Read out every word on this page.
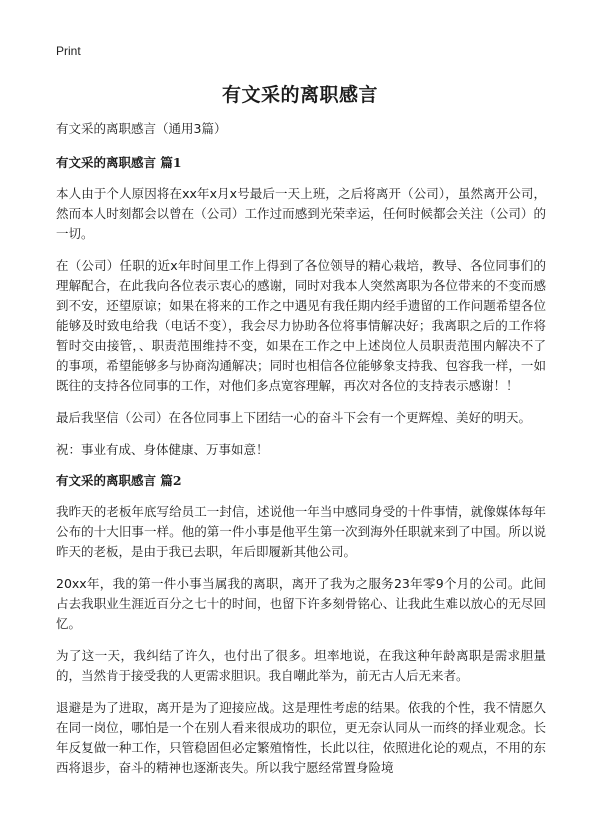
Print
有文采的离职感言

有文采的离职感言（通用3篇）

有文采的离职感言 篇1

本人由于个人原因将在xx年x月x号最后一天上班，之后将离开（公司），虽然离开公司，然而本人时刻都会以曾在（公司）工作过而感到光荣幸运，任何时候都会关注（公司）的一切。

在（公司）任职的近x年时间里工作上得到了各位领导的精心栽培，教导、各位同事们的理解配合，在此我向各位表示衷心的感谢，同时对我本人突然离职为各位带来的不变而感到不安，还望原谅；如果在将来的工作之中遇见有我任期内经手遗留的工作问题希望各位能够及时致电给我（电话不变），我会尽力协助各位将事情解决好；我离职之后的工作将暂时交由接管，、职责范围维持不变，如果在工作之中上述岗位人员职责范围内解决不了的事项，希望能够多与协商沟通解决；同时也相信各位能够象支持我、包容我一样，一如既往的支持各位同事的工作，对他们多点宽容理解，再次对各位的支持表示感谢！！

最后我坚信（公司）在各位同事上下团结一心的奋斗下会有一个更辉煌、美好的明天。

祝：事业有成、身体健康、万事如意！

有文采的离职感言 篇2

我昨天的老板年底写给员工一封信，述说他一年当中感同身受的十件事情，就像媒体每年公布的十大旧事一样。他的第一件小事是他平生第一次到海外任职就来到了中国。所以说昨天的老板，是由于我已去职，年后即履新其他公司。

20xx年，我的第一件小事当属我的离职，离开了我为之服务23年零9个月的公司。此间占去我职业生涯近百分之七十的时间，也留下许多刻骨铭心、让我此生难以放心的无尽回忆。

为了这一天，我纠结了许久，也付出了很多。坦率地说，在我这种年龄离职是需求胆量的，当然肯于接受我的人更需求胆识。我自嘲此举为，前无古人后无来者。

退避是为了进取，离开是为了迎接应战。这是理性考虑的结果。依我的个性，我不情愿久在同一岗位，哪怕是一个在别人看来很成功的职位，更无奈认同从一而终的择业观念。长年反复做一种工作，只管稳固但必定繁殖惰性，长此以往，依照进化论的观点，不用的东西将退步，奋斗的精神也逐渐丧失。所以我宁愿经常置身险境
